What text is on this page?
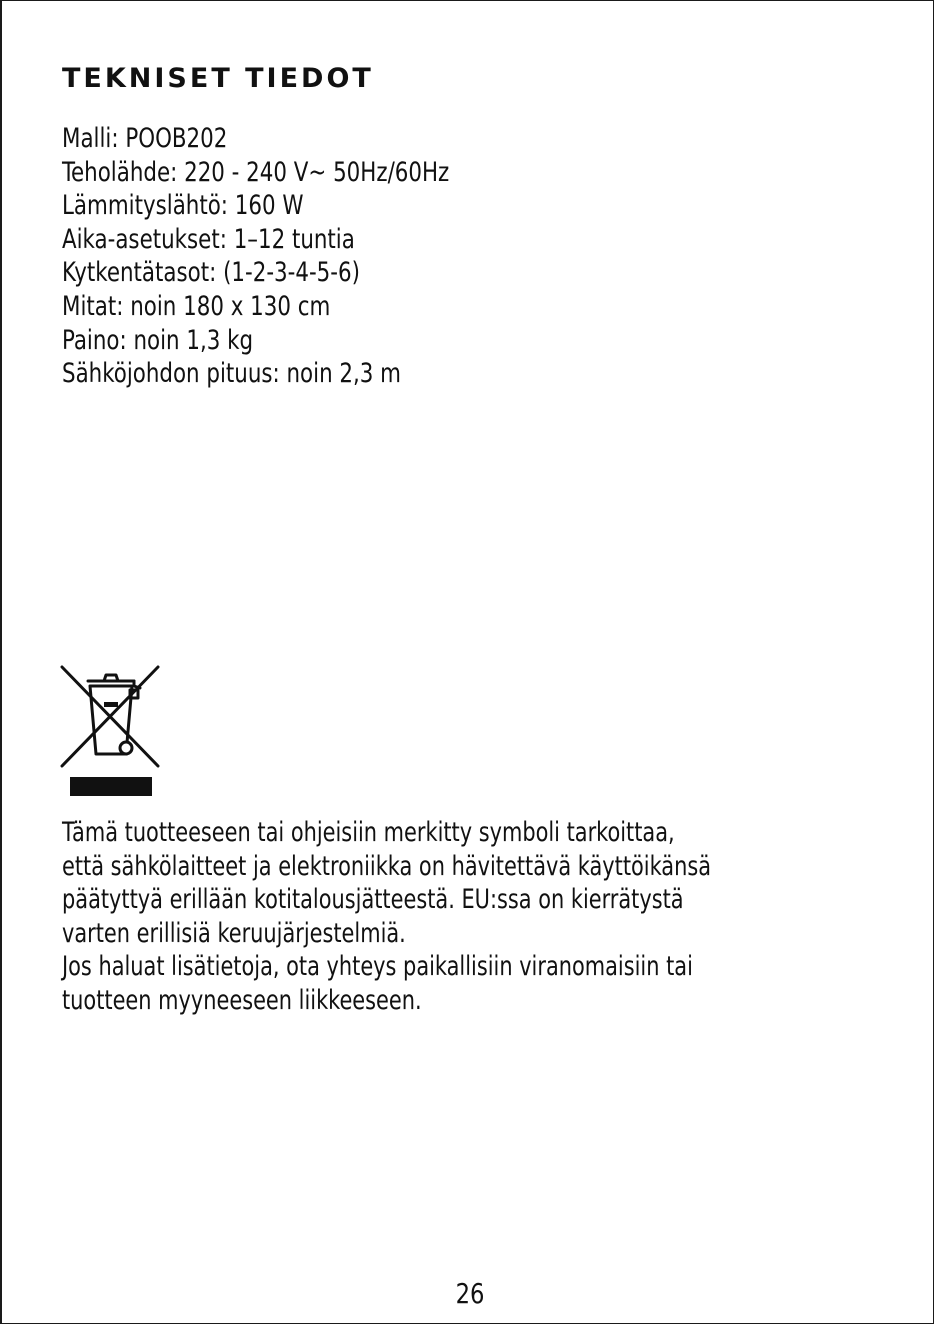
TEKNISET TIEDOT
Malli: POOB202
Teholähde: 220 - 240 V~ 50Hz/60Hz
Lämmityslähtö: 160 W
Aika-asetukset: 1–12 tuntia
Kytkentätasot: (1-2-3-4-5-6)
Mitat: noin 180 x 130 cm
Paino: noin 1,3 kg
Sähköjohdon pituus: noin 2,3 m

Tämä tuotteeseen tai ohjeisiin merkitty symboli tarkoittaa,

että sähkölaitteet ja elektroniikka on hävitettävä käyttöikänsä

päätyttyä erillään kotitalousjätteestä. EU:ssa on kierrätystä

varten erillisiä keruujärjestelmiä.

Jos haluat lisätietoja, ota yhteys paikallisiin viranomaisiin tai

tuotteen myyneeseen liikkeeseen.

26
